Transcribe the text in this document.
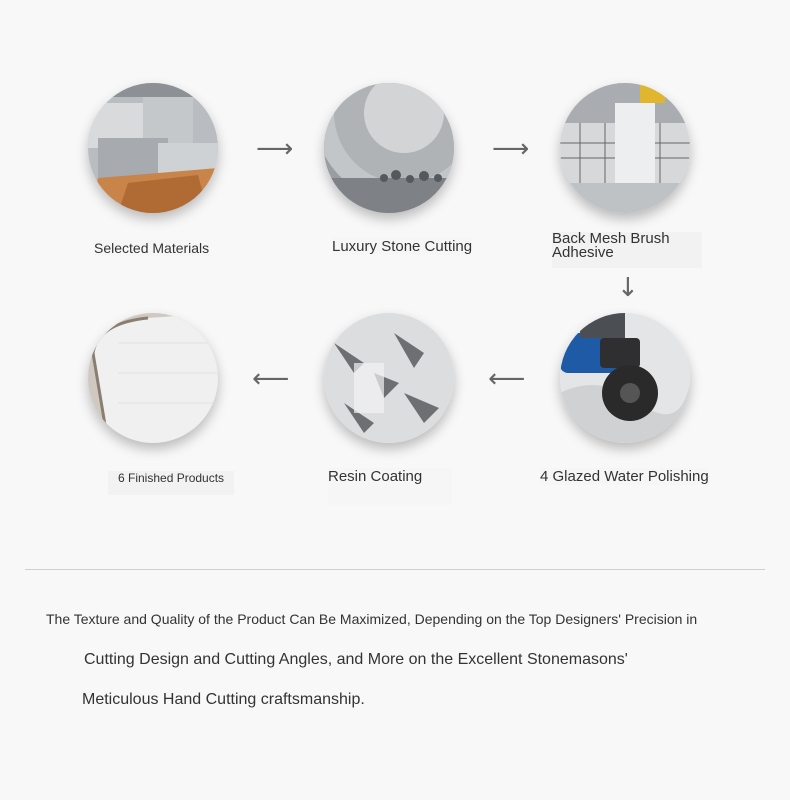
Selected Materials
⟶
Luxury Stone Cutting
⟶
Back Mesh Brush Adhesive
↓
4 Glazed Water Polishing
⟵
Resin Coating
⟵
6 Finished Products
The Texture and Quality of the Product Can Be Maximized, Depending on the Top Designers' Precision in
Cutting Design and Cutting Angles, and More on the Excellent Stonemasons'
Meticulous Hand Cutting craftsmanship.
